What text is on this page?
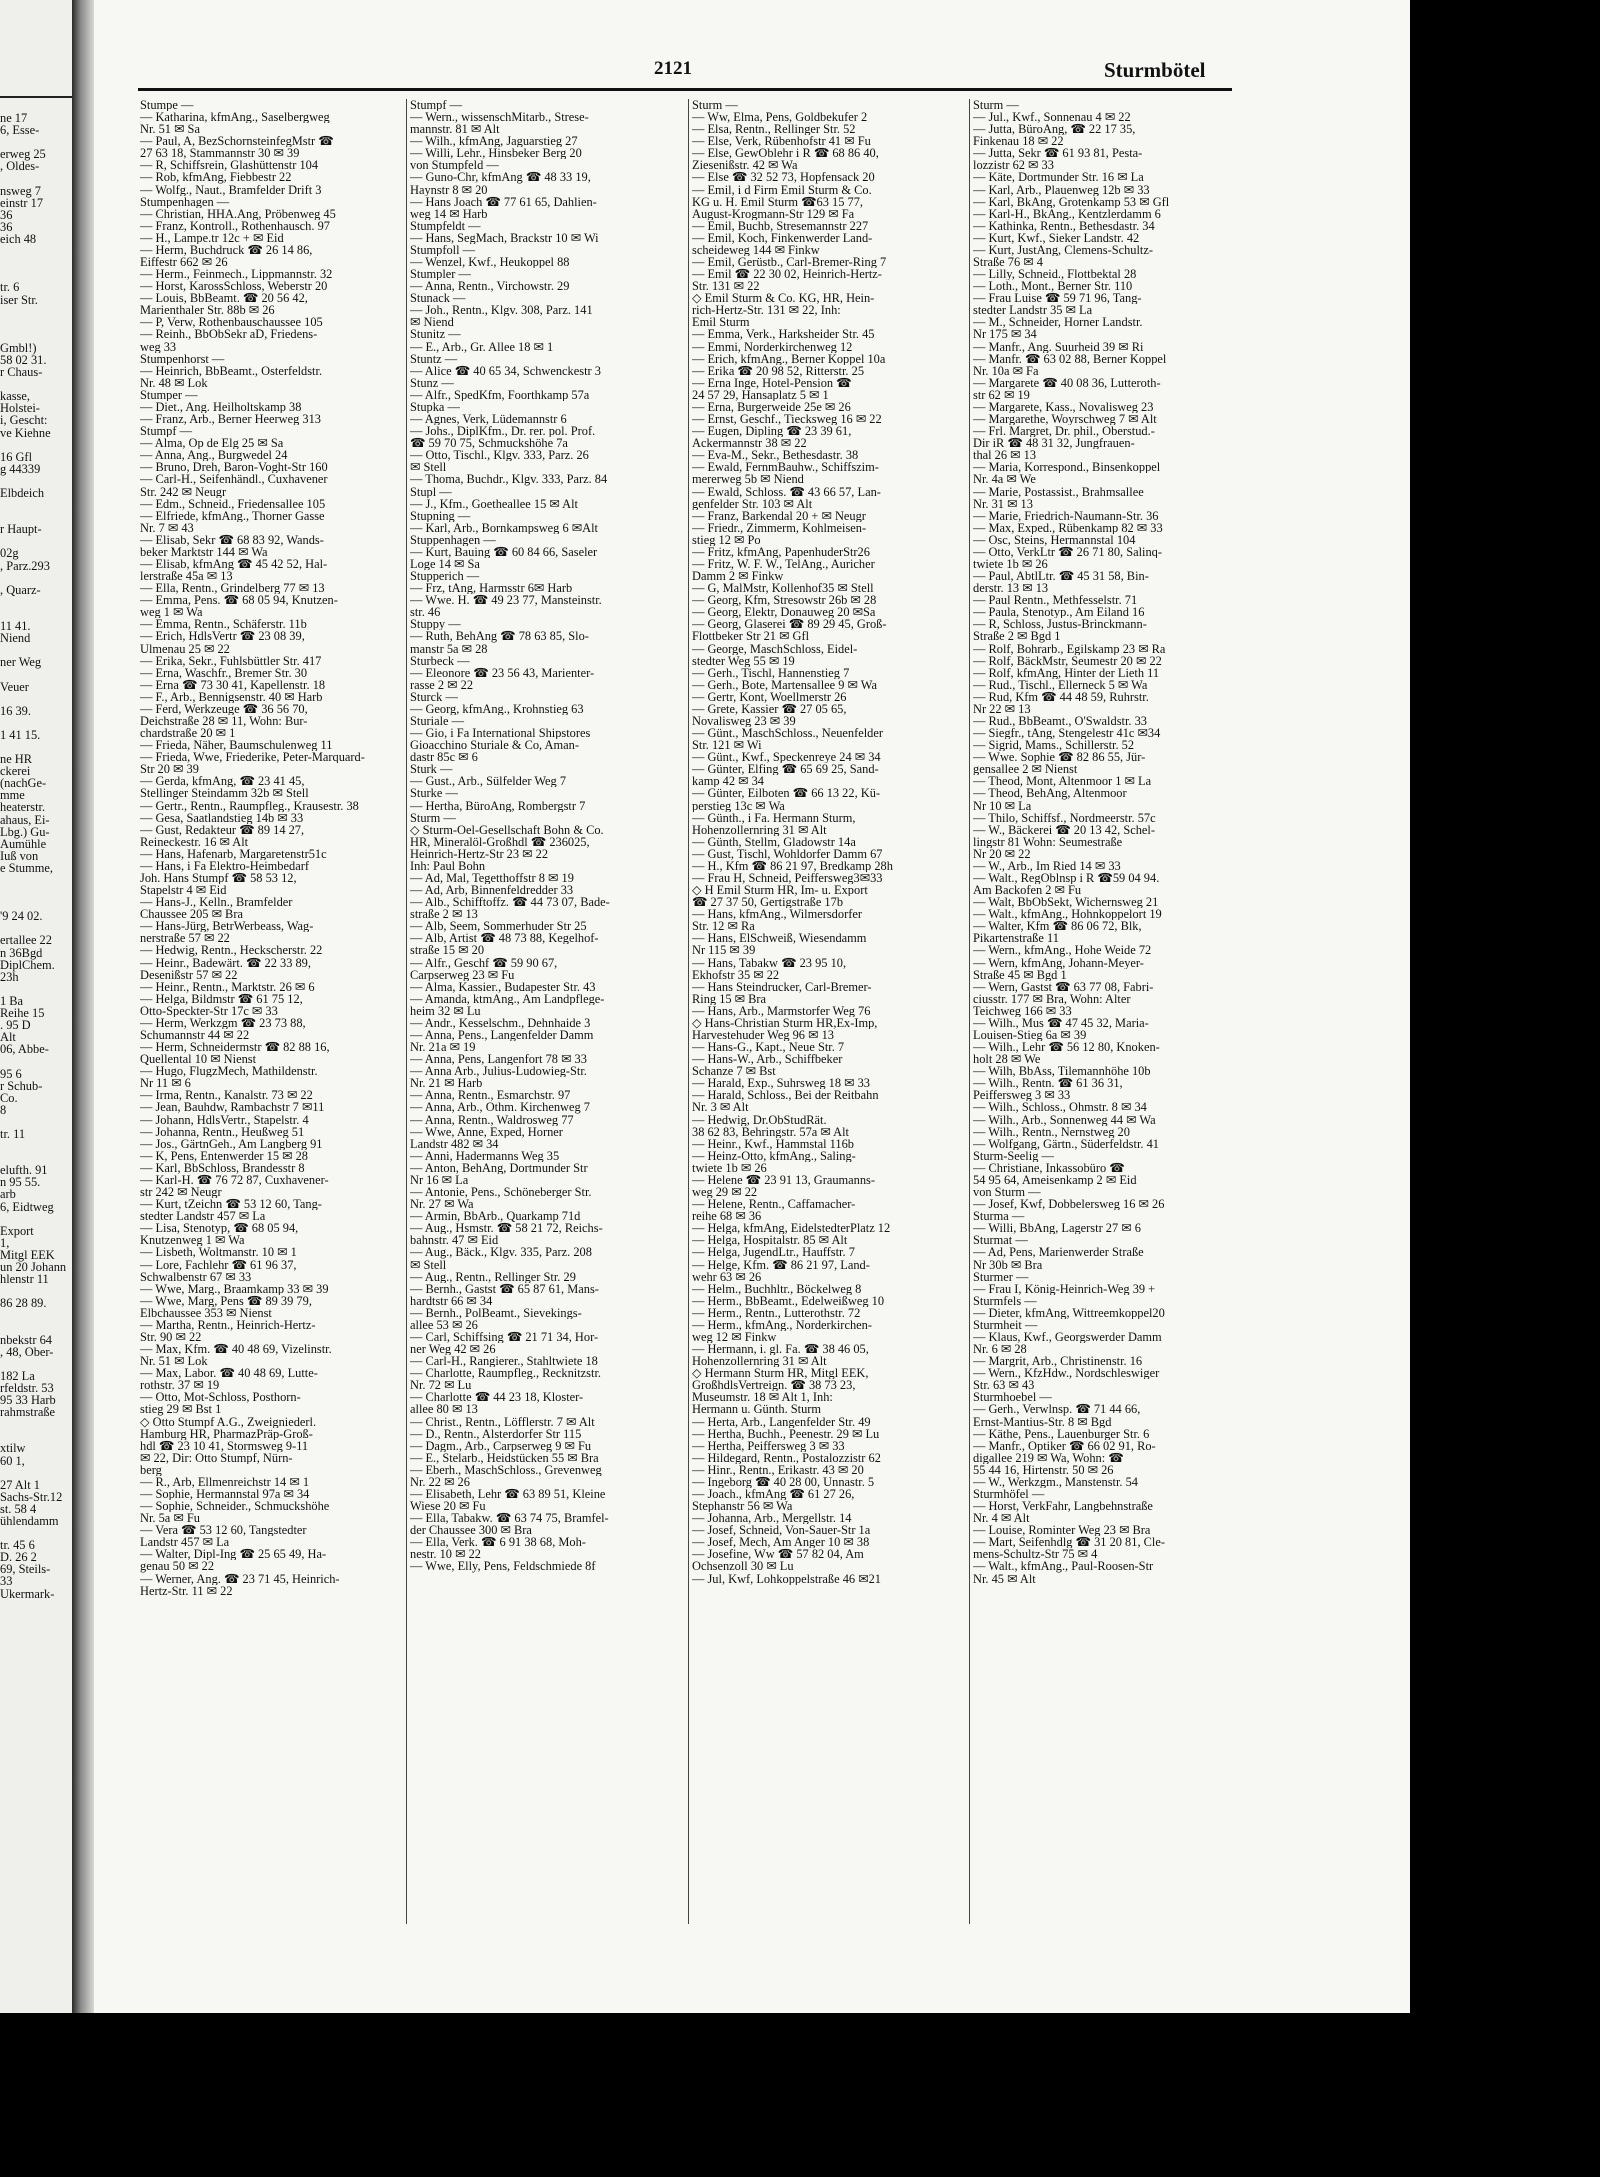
ne 17
6, Esse-
erweg 25
, Oldes-
nsweg 7
einstr 17
36
36
eich 48
tr. 6
iser Str.
Gmbl!)
58 02 31.
r Chaus-
kasse,
Holstei-
i, Gescht:
ve Kiehne
16 Gfl
g 44339
Elbdeich
r Haupt-
02g
, Parz.293
, Quarz-
11 41.
Niend
ner Weg
Veuer
16 39.
1 41 15.
ne HR
ckerei
(nachGe-
mme
heaterstr.
ahaus, Ei-
Lbg.) Gu-
Aumühle
Iuß von
e Stumme,
'9 24 02.
ertallee 22
n 36Bgd
DiplChem.
23h
1 Ba
Reihe 15
. 95 D
Alt
06, Abbe-
95 6
r Schub-
Co.
8
tr. 11
elufth. 91
n 95 55.
arb
6, Eidtweg
Export
1,
Mitgl EEK
un 20 Johann
hlenstr 11
86 28 89.
nbekstr 64
, 48, Ober-
182 La
rfeldstr. 53
95 33 Harb
rahmstraße
xtilw
60 1,
27 Alt 1
Sachs-Str.12
st. 58 4
ühlendamm
tr. 45 6
D. 26 2
69, Steils-
33
Ukermark-
2121	Sturmbötel
Stumpe —
— Katharina, kfmAng., Saselbergweg
Nr. 51 ✉ Sa
— Paul, A, BezSchornsteinfegMstr ☎
27 63 18, Stammannstr 30 ✉ 39
— R, Schiffsrein, Glashüttenstr 104
— Rob, kfmAng, Fiebbestr 22
— Wolfg., Naut., Bramfelder Drift 3
Stumpenhagen —
— Christian, HHA.Ang, Pröbenweg 45
— Franz, Kontroll., Rothenhausch. 97
— H., Lampe.tr 12c + ✉ Eid
— Herm, Buchdruck ☎ 26 14 86,
Eiffestr 662 ✉ 26
— Herm., Feinmech., Lippmannstr. 32
— Horst, KarossSchloss, Weberstr 20
— Louis, BbBeamt. ☎ 20 56 42,
Marienthaler Str. 88b ✉ 26
— P, Verw, Rothenbauschaussee 105
— Reinh., BbObSekr aD, Friedens-
weg 33
Stumpenhorst —
— Heinrich, BbBeamt., Osterfeldstr.
Nr. 48 ✉ Lok
Stumper —
— Diet., Ang. Heilholtskamp 38
— Franz, Arb., Berner Heerweg 313
Stumpf —
— Alma, Op de Elg 25 ✉ Sa
— Anna, Ang., Burgwedel 24
— Bruno, Dreh, Baron-Voght-Str 160
— Carl-H., Seifenhändl., Cuxhavener
Str. 242 ✉ Neugr
— Edm., Schneid., Friedensallee 105
— Elfriede, kfmAng., Thorner Gasse
Nr. 7 ✉ 43
— Elisab, Sekr ☎ 68 83 92, Wands-
beker Marktstr 144 ✉ Wa
— Elisab, kfmAng ☎ 45 42 52, Hal-
lerstraße 45a ✉ 13
— Ella, Rentn., Grindelberg 77 ✉ 13
— Emma, Pens. ☎ 68 05 94, Knutzen-
weg 1 ✉ Wa
— Emma, Rentn., Schäferstr. 11b
— Erich, HdlsVertr ☎ 23 08 39,
Ulmenau 25 ✉ 22
— Erika, Sekr., Fuhlsbüttler Str. 417
— Erna, Waschfr., Bremer Str. 30
— Erna ☎ 73 30 41, Kapellenstr. 18
— F., Arb., Bennigsenstr. 40 ✉ Harb
— Ferd, Werkzeuge ☎ 36 56 70,
Deichstraße 28 ✉ 11, Wohn: Bur-
chardstraße 20 ✉ 1
— Frieda, Näher, Baumschulenweg 11
— Frieda, Wwe, Friederike, Peter-Marquard-
Str 20 ✉ 39
— Gerda, kfmAng, ☎ 23 41 45,
Stellinger Steindamm 32b ✉ Stell
— Gertr., Rentn., Raumpfleg., Krausestr. 38
— Gesa, Saatlandstieg 14b ✉ 33
— Gust, Redakteur ☎ 89 14 27,
Reineckestr. 16 ✉ Alt
— Hans, Hafenarb, Margaretenstr51c
— Hans, i Fa Elektro-Heimbedarf
Joh. Hans Stumpf ☎ 58 53 12,
Stapelstr 4 ✉ Eid
— Hans-J., Kelln., Bramfelder
Chaussee 205 ✉ Bra
— Hans-Jürg, BetrWerbeass, Wag-
nerstraße 57 ✉ 22
— Hedwig, Rentn., Heckscherstr. 22
— Heinr., Badewärt. ☎ 22 33 89,
Desenißstr 57 ✉ 22
— Heinr., Rentn., Marktstr. 26 ✉ 6
— Helga, Bildmstr ☎ 61 75 12,
Otto-Speckter-Str 17c ✉ 33
— Herm, Werkzgm ☎ 23 73 88,
Schumannstr 44 ✉ 22
— Herm, Schneidermstr ☎ 82 88 16,
Quellental 10 ✉ Nienst
— Hugo, FlugzMech, Mathildenstr.
Nr 11 ✉ 6
— Irma, Rentn., Kanalstr. 73 ✉ 22
— Jean, Bauhdw, Rambachstr 7 ✉11
— Johann, HdlsVertr., Stapelstr. 4
— Johanna, Rentn., Heußweg 51
— Jos., GärtnGeh., Am Langberg 91
— K, Pens, Entenwerder 15 ✉ 28
— Karl, BbSchloss, Brandesstr 8
— Karl-H. ☎ 76 72 87, Cuxhavener-
str 242 ✉ Neugr
— Kurt, tZeichn ☎ 53 12 60, Tang-
stedter Landstr 457 ✉ La
— Lisa, Stenotyp, ☎ 68 05 94,
Knutzenweg 1 ✉ Wa
— Lisbeth, Woltmanstr. 10 ✉ 1
— Lore, Fachlehr ☎ 61 96 37,
Schwalbenstr 67 ✉ 33
— Wwe, Marg., Braamkamp 33 ✉ 39
— Wwe, Marg, Pens ☎ 89 39 79,
Elbchaussee 353 ✉ Nienst
— Martha, Rentn., Heinrich-Hertz-
Str. 90 ✉ 22
— Max, Kfm. ☎ 40 48 69, Vizelinstr.
Nr. 51 ✉ Lok
— Max, Labor. ☎ 40 48 69, Lutte-
rothstr. 37 ✉ 19
— Otto, Mot-Schloss, Posthorn-
stieg 29 ✉ Bst 1
◇ Otto Stumpf A.G., Zweigniederl.
Hamburg HR, PharmazPräp-Groß-
hdl ☎ 23 10 41, Stormsweg 9-11
✉ 22, Dir: Otto Stumpf, Nürn-
berg
— R., Arb, Ellmenreichstr 14 ✉ 1
— Sophie, Hermannstal 97a ✉ 34
— Sophie, Schneider., Schmuckshöhe
Nr. 5a ✉ Fu
— Vera ☎ 53 12 60, Tangstedter
Landstr 457 ✉ La
— Walter, Dipl-Ing ☎ 25 65 49, Ha-
genau 50 ✉ 22
— Werner, Ang. ☎ 23 71 45, Heinrich-
Hertz-Str. 11 ✉ 22
Stumpf —
— Wern., wissenschMitarb., Strese-
mannstr. 81 ✉ Alt
— Wilh., kfmAng, Jaguarstieg 27
— Willi, Lehr., Hinsbeker Berg 20
von Stumpfeld —
— Guno-Chr, kfmAng ☎ 48 33 19,
Haynstr 8 ✉ 20
— Hans Joach ☎ 77 61 65, Dahlien-
weg 14 ✉ Harb
Stumpfeldt —
— Hans, SegMach, Brackstr 10 ✉ Wi
Stumpfoll —
— Wenzel, Kwf., Heukoppel 88
Stumpler —
— Anna, Rentn., Virchowstr. 29
Stunack —
— Joh., Rentn., Klgv. 308, Parz. 141
✉ Niend
Stunitz —
— E., Arb., Gr. Allee 18 ✉ 1
Stuntz —
— Alice ☎ 40 65 34, Schwenckestr 3
Stunz —
— Alfr., SpedKfm, Foorthkamp 57a
Stupka —
— Agnes, Verk, Lüdemannstr 6
— Johs., DiplKfm., Dr. rer. pol. Prof.
☎ 59 70 75, Schmuckshöhe 7a
— Otto, Tischl., Klgv. 333, Parz. 26
✉ Stell
— Thoma, Buchdr., Klgv. 333, Parz. 84
Stupl —
— J., Kfm., Goetheallee 15 ✉ Alt
Stupning —
— Karl, Arb., Bornkampsweg 6 ✉Alt
Stuppenhagen —
— Kurt, Bauing ☎ 60 84 66, Saseler
Loge 14 ✉ Sa
Stupperich —
— Frz, tAng, Harmsstr 6✉ Harb
— Wwe. H. ☎ 49 23 77, Mansteinstr.
str. 46
Stuppy —
— Ruth, BehAng ☎ 78 63 85, Slo-
manstr 5a ✉ 28
Sturbeck —
— Eleonore ☎ 23 56 43, Marienter-
rasse 2 ✉ 22
Sturck —
— Georg, kfmAng., Krohnstieg 63
Sturiale —
— Gio, i Fa International Shipstores
Gioacchino Sturiale & Co, Aman-
dastr 85c ✉ 6
Sturk —
— Gust., Arb., Sülfelder Weg 7
Sturke —
— Hertha, BüroAng, Rombergstr 7
Sturm —
◇ Sturm-Oel-Gesellschaft Bohn & Co.
HR, Mineralöl-Großhdl ☎ 236025,
Heinrich-Hertz-Str 23 ✉ 22
Inh: Paul Bohn
— Ad, Mal, Tegetthoffstr 8 ✉ 19
— Ad, Arb, Binnenfeldredder 33
— Alb., Schifftoffz. ☎ 44 73 07, Bade-
straße 2 ✉ 13
— Alb, Seem, Sommerhuder Str 25
— Alb, Artist ☎ 48 73 88, Kegelhof-
straße 15 ✉ 20
— Alfr., Geschf ☎ 59 90 67,
Carpserweg 23 ✉ Fu
— Alma, Kassier., Budapester Str. 43
— Amanda, ktmAng., Am Landpflege-
heim 32 ✉ Lu
— Andr., Kesselschm., Dehnhaide 3
— Anna, Pens., Langenfelder Damm
Nr. 21a ✉ 19
— Anna, Pens, Langenfort 78 ✉ 33
— Anna Arb., Julius-Ludowieg-Str.
Nr. 21 ✉ Harb
— Anna, Rentn., Esmarchstr. 97
— Anna, Arb., Othm. Kirchenweg 7
— Anna, Rentn., Waldrosweg 77
— Wwe, Anne, Exped, Horner
Landstr 482 ✉ 34
— Anni, Hadermanns Weg 35
— Anton, BehAng, Dortmunder Str
Nr 16 ✉ La
— Antonie, Pens., Schöneberger Str.
Nr. 27 ✉ Wa
— Armin, BbArb., Quarkamp 71d
— Aug., Hsmstr. ☎ 58 21 72, Reichs-
bahnstr. 47 ✉ Eid
— Aug., Bäck., Klgv. 335, Parz. 208
✉ Stell
— Aug., Rentn., Rellinger Str. 29
— Bernh., Gastst ☎ 65 87 61, Mans-
hardtstr 66 ✉ 34
— Bernh., PolBeamt., Sievekings-
allee 53 ✉ 26
— Carl, Schiffsing ☎ 21 71 34, Hor-
ner Weg 42 ✉ 26
— Carl-H., Rangierer., Stahltwiete 18
— Charlotte, Raumpfleg., Recknitzstr.
Nr. 72 ✉ Lu
— Charlotte ☎ 44 23 18, Kloster-
allee 80 ✉ 13
— Christ., Rentn., Löfflerstr. 7 ✉ Alt
— D., Rentn., Alsterdorfer Str 115
— Dagm., Arb., Carpserweg 9 ✉ Fu
— E., Stelarb., Heidstücken 55 ✉ Bra
— Eberh., MaschSchloss., Grevenweg
Nr. 22 ✉ 26
— Elisabeth, Lehr ☎ 63 89 51, Kleine
Wiese 20 ✉ Fu
— Ella, Tabakw. ☎ 63 74 75, Bramfel-
der Chaussee 300 ✉ Bra
— Ella, Verk. ☎ 6 91 38 68, Moh-
nestr. 10 ✉ 22
— Wwe, Elly, Pens, Feldschmiede 8f
Sturm —
— Ww, Elma, Pens, Goldbekufer 2
— Elsa, Rentn., Rellinger Str. 52
— Else, Verk, Rübenhofstr 41 ✉ Fu
— Else, GewOblehr i R ☎ 68 86 40,
Ziesenißstr. 42 ✉ Wa
— Else ☎ 32 52 73, Hopfensack 20
— Emil, i d Firm Emil Sturm & Co.
KG u. H. Emil Sturm ☎63 15 77,
August-Krogmann-Str 129 ✉ Fa
— Emil, Buchb, Stresemannstr 227
— Emil, Koch, Finkenwerder Land-
scheideweg 144 ✉ Finkw
— Emil, Gerüstb., Carl-Bremer-Ring 7
— Emil ☎ 22 30 02, Heinrich-Hertz-
Str. 131 ✉ 22
◇ Emil Sturm & Co. KG, HR, Hein-
rich-Hertz-Str. 131 ✉ 22, Inh:
Emil Sturm
— Emma, Verk., Harksheider Str. 45
— Emmi, Norderkirchenweg 12
— Erich, kfmAng., Berner Koppel 10a
— Erika ☎ 20 98 52, Ritterstr. 25
— Erna Inge, Hotel-Pension ☎
24 57 29, Hansaplatz 5 ✉ 1
— Erna, Burgerweide 25e ✉ 26
— Ernst, Geschf., Tiecksweg 16 ✉ 22
— Eugen, Dipling ☎ 23 39 61,
Ackermannstr 38 ✉ 22
— Eva-M., Sekr., Bethesdastr. 38
— Ewald, FernmBauhw., Schiffszim-
mererweg 5b ✉ Niend
— Ewald, Schloss. ☎ 43 66 57, Lan-
genfelder Str. 103 ✉ Alt
— Franz, Barkendal 20 + ✉ Neugr
— Friedr., Zimmerm, Kohlmeisen-
stieg 12 ✉ Po
— Fritz, kfmAng, PapenhuderStr26
— Fritz, W. F. W., TelAng., Auricher
Damm 2 ✉ Finkw
— G, MalMstr, Kollenhof35 ✉ Stell
— Georg, Kfm, Stresowstr 26b ✉ 28
— Georg, Elektr, Donauweg 20 ✉Sa
— Georg, Glaserei ☎ 89 29 45, Groß-
Flottbeker Str 21 ✉ Gfl
— George, MaschSchloss, Eidel-
stedter Weg 55 ✉ 19
— Gerh., Tischl, Hannenstieg 7
— Gerh., Bote, Martensallee 9 ✉ Wa
— Gertr, Kont, Woellmerstr 26
— Grete, Kassier ☎ 27 05 65,
Novalisweg 23 ✉ 39
— Günt., MaschSchloss., Neuenfelder
Str. 121 ✉ Wi
— Günt., Kwf., Speckenreye 24 ✉ 34
— Günter, Elfing ☎ 65 69 25, Sand-
kamp 42 ✉ 34
— Günter, Eilboten ☎ 66 13 22, Kü-
perstieg 13c ✉ Wa
— Günth., i Fa. Hermann Sturm,
Hohenzollernring 31 ✉ Alt
— Günth, Stellm, Gladowstr 14a
— Gust, Tischl, Wohldorfer Damm 67
— H., Kfm ☎ 86 21 97, Bredkamp 28h
— Frau H, Schneid, Peiffersweg3✉33
◇ H Emil Sturm HR, Im- u. Export
☎ 27 37 50, Gertigstraße 17b
— Hans, kfmAng., Wilmersdorfer
Str. 12 ✉ Ra
— Hans, ElSchweiß, Wiesendamm
Nr 115 ✉ 39
— Hans, Tabakw ☎ 23 95 10,
Ekhofstr 35 ✉ 22
— Hans Steindrucker, Carl-Bremer-
Ring 15 ✉ Bra
— Hans, Arb., Marmstorfer Weg 76
◇ Hans-Christian Sturm HR,Ex-Imp,
Harvestehuder Weg 96 ✉ 13
— Hans-G., Kapt., Neue Str. 7
— Hans-W., Arb., Schiffbeker
Schanze 7 ✉ Bst
— Harald, Exp., Suhrsweg 18 ✉ 33
— Harald, Schloss., Bei der Reitbahn
Nr. 3 ✉ Alt
— Hedwig, Dr.ObStudRät.
38 62 83, Behringstr. 57a ✉ Alt
— Heinr., Kwf., Hammstal 116b
— Heinz-Otto, kfmAng., Saling-
twiete 1b ✉ 26
— Helene ☎ 23 91 13, Graumanns-
weg 29 ✉ 22
— Helene, Rentn., Caffamacher-
reihe 68 ✉ 36
— Helga, kfmAng, EidelstedterPlatz 12
— Helga, Hospitalstr. 85 ✉ Alt
— Helga, JugendLtr., Hauffstr. 7
— Helge, Kfm. ☎ 86 21 97, Land-
wehr 63 ✉ 26
— Helm., Buchhltr., Böckelweg 8
— Herm., BbBeamt., Edelweißweg 10
— Herm., Rentn., Lutterothstr. 72
— Herm., kfmAng., Norderkirchen-
weg 12 ✉ Finkw
— Hermann, i. gl. Fa. ☎ 38 46 05,
Hohenzollernring 31 ✉ Alt
◇ Hermann Sturm HR, Mitgl EEK,
GroßhdlsVertreign. ☎ 38 73 23,
Museumstr. 18 ✉ Alt 1, Inh:
Hermann u. Günth. Sturm
— Herta, Arb., Langenfelder Str. 49
— Hertha, Buchh., Peenestr. 29 ✉ Lu
— Hertha, Peiffersweg 3 ✉ 33
— Hildegard, Rentn., Postalozzistr 62
— Hinr., Rentn., Erikastr. 43 ✉ 20
— Ingeborg ☎ 40 28 00, Unnastr. 5
— Joach., kfmAng ☎ 61 27 26,
Stephanstr 56 ✉ Wa
— Johanna, Arb., Mergellstr. 14
— Josef, Schneid, Von-Sauer-Str 1a
— Josef, Mech, Am Anger 10 ✉ 38
— Josefine, Ww ☎ 57 82 04, Am
Ochsenzoll 30 ✉ Lu
— Jul, Kwf, Lohkoppelstraße 46 ✉21
Sturm —
— Jul., Kwf., Sonnenau 4 ✉ 22
— Jutta, BüroAng, ☎ 22 17 35,
Finkenau 18 ✉ 22
— Jutta, Sekr ☎ 61 93 81, Pesta-
lozzistr 62 ✉ 33
— Käte, Dortmunder Str. 16 ✉ La
— Karl, Arb., Plauenweg 12b ✉ 33
— Karl, BkAng, Grotenkamp 53 ✉ Gfl
— Karl-H., BkAng., Kentzlerdamm 6
— Kathinka, Rentn., Bethesdastr. 34
— Kurt, Kwf., Sieker Landstr. 42
— Kurt, JustAng, Clemens-Schultz-
Straße 76 ✉ 4
— Lilly, Schneid., Flottbektal 28
— Loth., Mont., Berner Str. 110
— Frau Luise ☎ 59 71 96, Tang-
stedter Landstr 35 ✉ La
— M., Schneider, Horner Landstr.
Nr 175 ✉ 34
— Manfr., Ang. Suurheid 39 ✉ Ri
— Manfr. ☎ 63 02 88, Berner Koppel
Nr. 10a ✉ Fa
— Margarete ☎ 40 08 36, Lutteroth-
str 62 ✉ 19
— Margarete, Kass., Novalisweg 23
— Margarethe, Woyrschweg 7 ✉ Alt
— Frl. Margret, Dr. phil., Oberstud.-
Dir iR ☎ 48 31 32, Jungfrauen-
thal 26 ✉ 13
— Maria, Korrespond., Binsenkoppel
Nr. 4a ✉ We
— Marie, Postassist., Brahmsallee
Nr. 31 ✉ 13
— Marie, Friedrich-Naumann-Str. 36
— Max, Exped., Rübenkamp 82 ✉ 33
— Osc, Steins, Hermannstal 104
— Otto, VerkLtr ☎ 26 71 80, Salinq-
twiete 1b ✉ 26
— Paul, AbtlLtr. ☎ 45 31 58, Bin-
derstr. 13 ✉ 13
— Paul Rentn., Methfesselstr. 71
— Paula, Stenotyp., Am Eiland 16
— R, Schloss, Justus-Brinckmann-
Straße 2 ✉ Bgd 1
— Rolf, Bohrarb., Egilskamp 23 ✉ Ra
— Rolf, BäckMstr, Seumestr 20 ✉ 22
— Rolf, kfmAng, Hinter der Lieth 11
— Rud., Tischl., Ellerneck 5 ✉ Wa
— Rud, Kfm ☎ 44 48 59, Ruhrstr.
Nr 22 ✉ 13
— Rud., BbBeamt., O'Swaldstr. 33
— Siegfr., tAng, Stengelestr 41c ✉34
— Sigrid, Mams., Schillerstr. 52
— Wwe. Sophie ☎ 82 86 55, Jür-
gensallee 2 ✉ Nienst
— Theod, Mont, Altenmoor 1 ✉ La
— Theod, BehAng, Altenmoor
Nr 10 ✉ La
— Thilo, Schiffsf., Nordmeerstr. 57c
— W., Bäckerei ☎ 20 13 42, Schel-
lingstr 81 Wohn: Seumestraße
Nr 20 ✉ 22
— W., Arb., Im Ried 14 ✉ 33
— Walt., RegOblnsp i R ☎59 04 94.
Am Backofen 2 ✉ Fu
— Walt, BbObSekt, Wichernsweg 21
— Walt., kfmAng., Hohnkoppelort 19
— Walter, Kfm ☎ 86 06 72, Blk,
Pikartenstraße 11
— Wern., kfmAng., Hohe Weide 72
— Wern, kfmAng, Johann-Meyer-
Straße 45 ✉ Bgd 1
— Wern, Gastst ☎ 63 77 08, Fabri-
ciusstr. 177 ✉ Bra, Wohn: Alter
Teichweg 166 ✉ 33
— Wilh., Mus ☎ 47 45 32, Maria-
Louisen-Stieg 6a ✉ 39
— Wilh., Lehr ☎ 56 12 80, Knoken-
holt 28 ✉ We
— Wilh, BbAss, Tilemannhöhe 10b
— Wilh., Rentn. ☎ 61 36 31,
Peiffersweg 3 ✉ 33
— Wilh., Schloss., Ohmstr. 8 ✉ 34
— Wilh., Arb., Sonnenweg 44 ✉ Wa
— Wilh., Rentn., Nernstweg 20
— Wolfgang, Gärtn., Süderfeldstr. 41
Sturm-Seelig —
— Christiane, Inkassobüro ☎
54 95 64, Ameisenkamp 2 ✉ Eid
von Sturm —
— Josef, Kwf, Dobbelersweg 16 ✉ 26
Sturma —
— Willi, BbAng, Lagerstr 27 ✉ 6
Sturmat —
— Ad, Pens, Marienwerder Straße
Nr 30b ✉ Bra
Sturmer —
— Frau I, König-Heinrich-Weg 39 +
Sturmfels —
— Dieter, kfmAng, Wittreemkoppel20
Sturmheit —
— Klaus, Kwf., Georgswerder Damm
Nr. 6 ✉ 28
— Margrit, Arb., Christinenstr. 16
— Wern., KfzHdw., Nordschleswiger
Str. 63 ✉ 43
Sturmhoebel —
— Gerh., Verwlnsp. ☎ 71 44 66,
Ernst-Mantius-Str. 8 ✉ Bgd
— Käthe, Pens., Lauenburger Str. 6
— Manfr., Optiker ☎ 66 02 91, Ro-
digallee 219 ✉ Wa, Wohn: ☎
55 44 16, Hirtenstr. 50 ✉ 26
— W., Werkzgm., Manstenstr. 54
Sturmhöfel —
— Horst, VerkFahr, Langbehnstraße
Nr. 4 ✉ Alt
— Louise, Rominter Weg 23 ✉ Bra
— Mart, Seifenhdlg ☎ 31 20 81, Cle-
mens-Schultz-Str 75 ✉ 4
— Walt., kfmAng., Paul-Roosen-Str
Nr. 45 ✉ Alt
